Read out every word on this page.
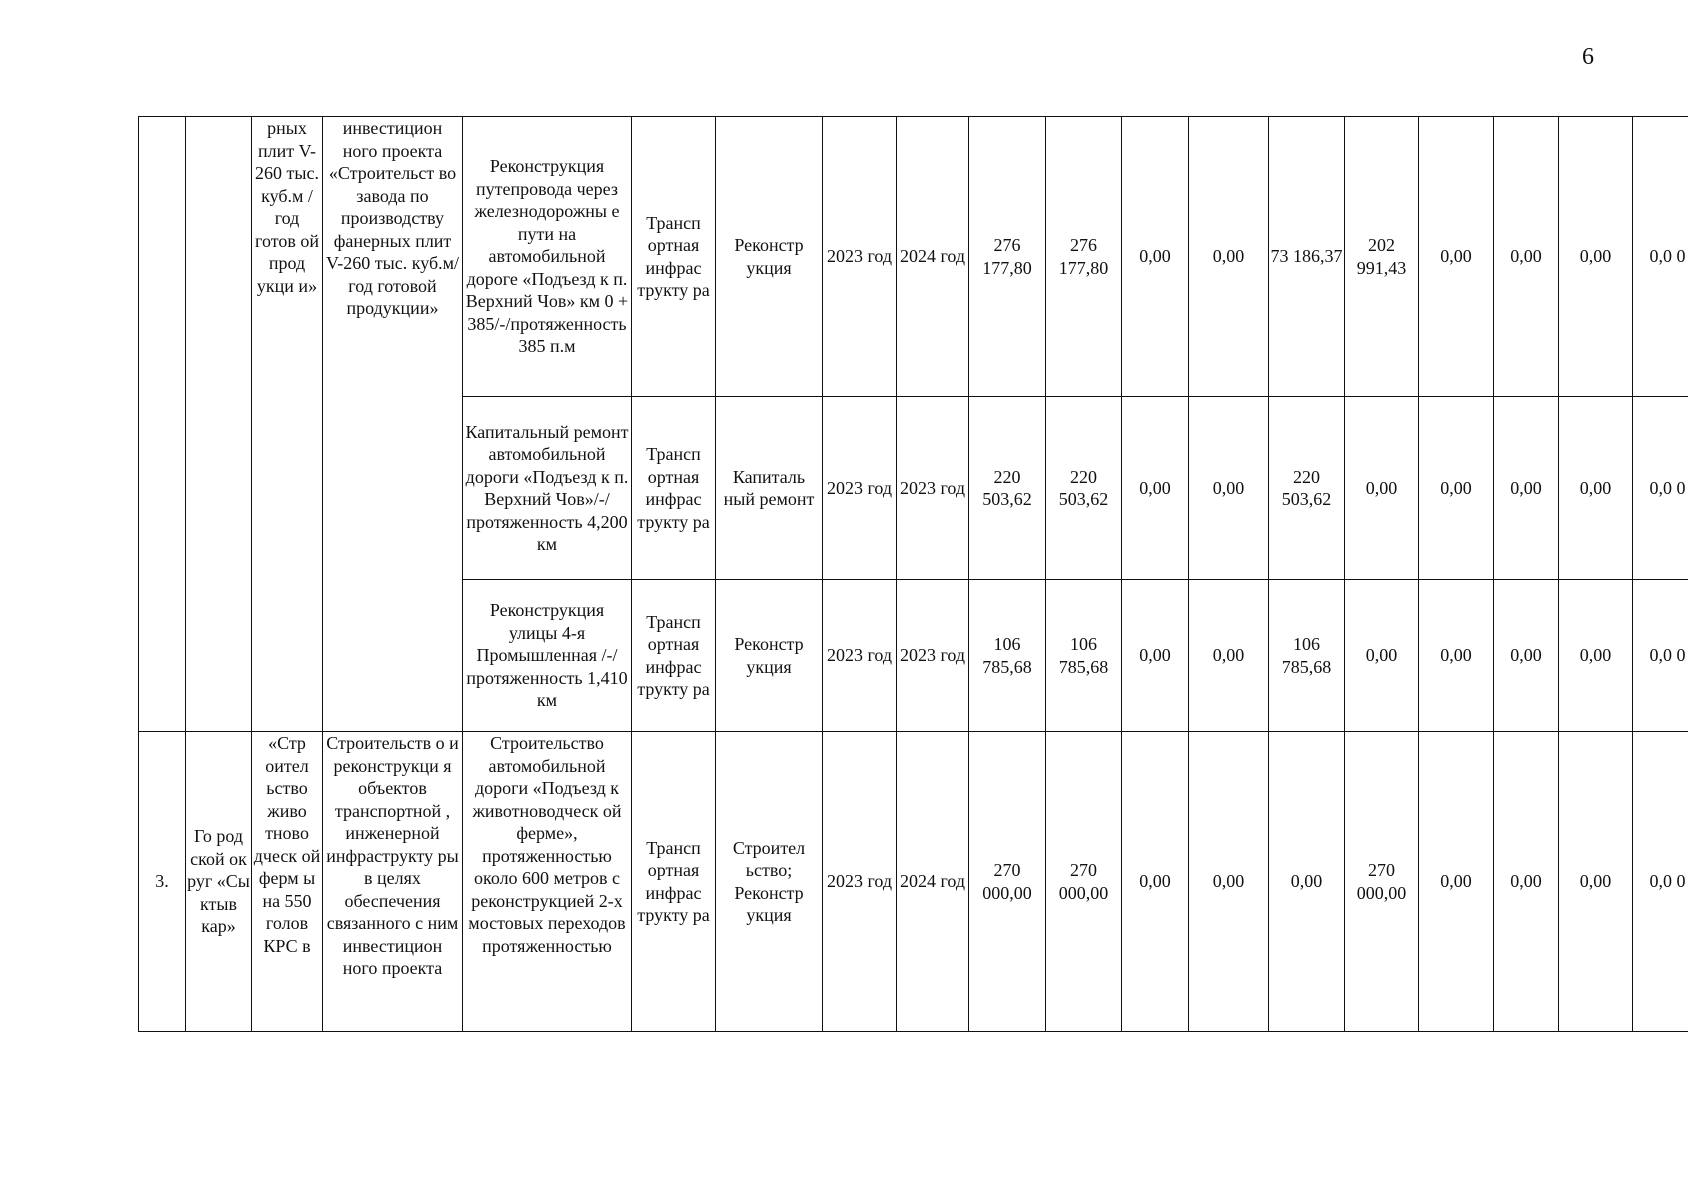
6
		рных плит V-260 тыс. куб.м /год готов ой прод укци и»	инвестицион ного проекта «Строительст во завода по производству фанерных плит V-260 тыс. куб.м/год готовой продукции»	Реконструкция путепровода через железнодорожны е пути на автомобильной дороге «Подъезд к п. Верхний Чов» км 0 + 385/-/протяженность 385 п.м	Трансп ортная инфрас трукту ра	Реконстр укция	2023 год	2024 год	276 177,80	276 177,80	0,00	0,00	73 186,37	202 991,43	0,00	0,00	0,00	0,0 0
				Капитальный ремонт автомобильной дороги «Подъезд к п. Верхний Чов»/-/протяженность 4,200 км	Трансп ортная инфрас трукту ра	Капиталь ный ремонт	2023 год	2023 год	220 503,62	220 503,62	0,00	0,00	220 503,62	0,00	0,00	0,00	0,00	0,0 0
				Реконструкция улицы 4-я Промышленная /-/протяженность 1,410 км	Трансп ортная инфрас трукту ра	Реконстр укция	2023 год	2023 год	106 785,68	106 785,68	0,00	0,00	106 785,68	0,00	0,00	0,00	0,00	0,0 0
3.	Го род ской ок руг «Сы ктыв кар»	«Стр оител ьство живо тново дческ ой ферм ы на 550 голов КРС в	Строительств о и реконструкци я объектов транспортной , инженерной инфраструкту ры в целях обеспечения связанного с ним инвестицион ного проекта	Строительство автомобильной дороги «Подъезд к животноводческ ой ферме», протяженностью около 600 метров с реконструкцией 2-х мостовых переходов протяженностью	Трансп ортная инфрас трукту ра	Строител ьство; Реконстр укция	2023 год	2024 год	270 000,00	270 000,00	0,00	0,00	0,00	270 000,00	0,00	0,00	0,00	0,0 0
